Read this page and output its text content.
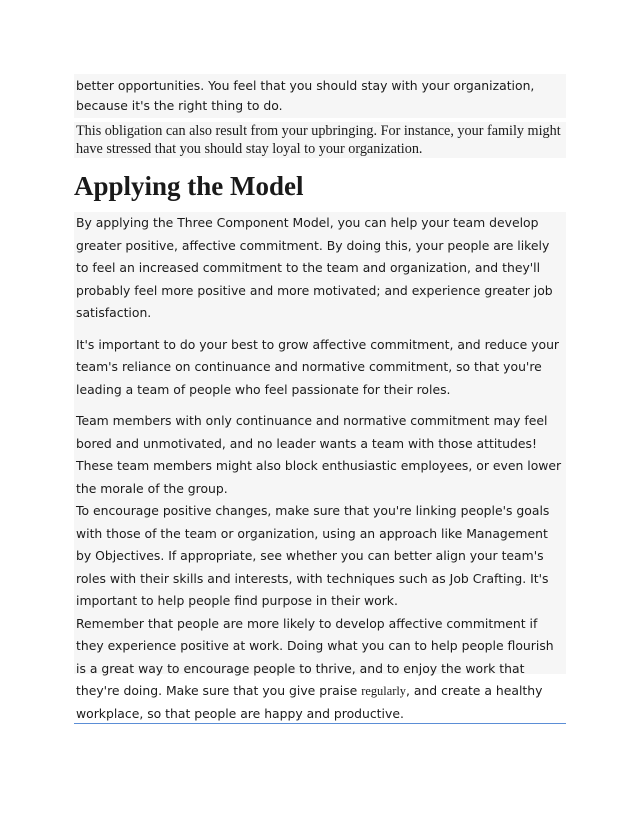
better opportunities. You feel that you should stay with your organization, because it's the right thing to do.
This obligation can also result from your upbringing. For instance, your family might have stressed that you should stay loyal to your organization.
Applying the Model

By applying the Three Component Model, you can help your team develop greater positive, affective commitment. By doing this, your people are likely to feel an increased commitment to the team and organization, and they'll probably feel more positive and more motivated; and experience greater job satisfaction.

It's important to do your best to grow affective commitment, and reduce your team's reliance on continuance and normative commitment, so that you're leading a team of people who feel passionate for their roles.

Team members with only continuance and normative commitment may feel bored and unmotivated, and no leader wants a team with those attitudes! These team members might also block enthusiastic employees, or even lower the morale of the group.

To encourage positive changes, make sure that you're linking people's goals with those of the team or organization, using an approach like Management by Objectives. If appropriate, see whether you can better align your team's roles with their skills and interests, with techniques such as Job Crafting. It's important to help people find purpose in their work.

Remember that people are more likely to develop affective commitment if they experience positive at work. Doing what you can to help people flourish is a great way to encourage people to thrive, and to enjoy the work that they're doing. Make sure that you give praise regularly, and create a healthy workplace, so that people are happy and productive.
